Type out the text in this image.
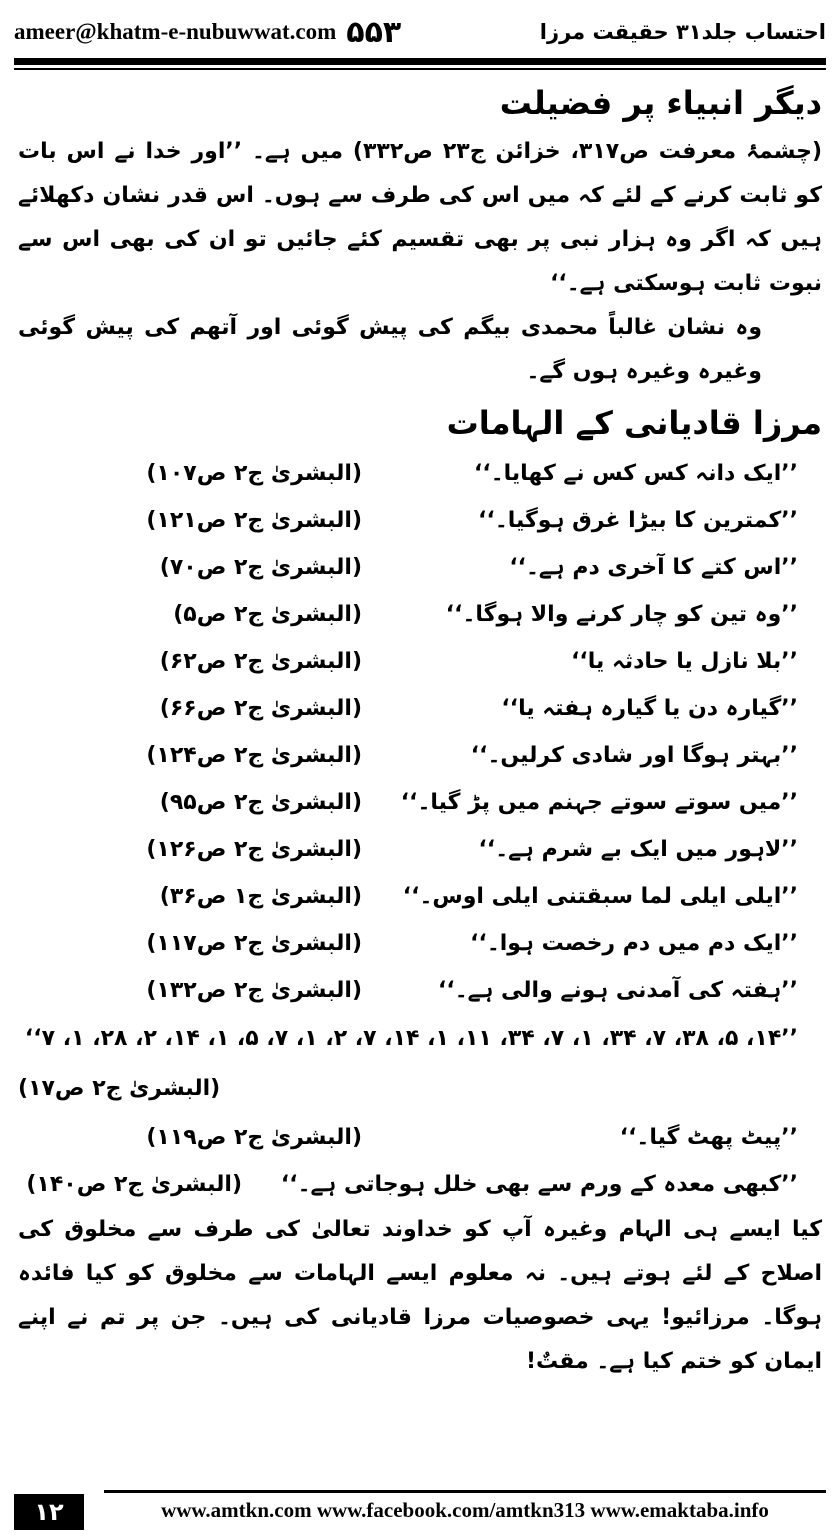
ameer@khatm-e-nubuwwat.com ۵۵۳	احتساب جلد۳۱ حقیقت مرزا
دیگر انبیاء پر فضیلت

(چشمۂ معرفت ص۳۱۷، خزائن ج۲۳ ص۳۳۲) میں ہے۔ ’’اور خدا نے اس بات کو ثابت کرنے کے لئے کہ میں اس کی طرف سے ہوں۔ اس قدر نشان دکھلائے ہیں کہ اگر وہ ہزار نبی پر بھی تقسیم کئے جائیں تو ان کی بھی اس سے نبوت ثابت ہوسکتی ہے۔‘‘

وہ نشان غالباً محمدی بیگم کی پیش گوئی اور آتھم کی پیش گوئی وغیرہ وغیرہ ہوں گے۔

مرزا قادیانی کے الہامات
’’ایک دانہ کس کس نے کھایا۔‘‘
(البشریٰ ج۲ ص۱۰۷)
’’کمترین کا بیڑا غرق ہوگیا۔‘‘
(البشریٰ ج۲ ص۱۲۱)
’’اس کتے کا آخری دم ہے۔‘‘
(البشریٰ ج۲ ص۷۰)
’’وہ تین کو چار کرنے والا ہوگا۔‘‘
(البشریٰ ج۲ ص۵)
’’بلا نازل یا حادثہ یا‘‘
(البشریٰ ج۲ ص۶۲)
’’گیارہ دن یا گیارہ ہفتہ یا‘‘
(البشریٰ ج۲ ص۶۶)
’’بہتر ہوگا اور شادی کرلیں۔‘‘
(البشریٰ ج۲ ص۱۲۴)
’’میں سوتے سوتے جہنم میں پڑ گیا۔‘‘
(البشریٰ ج۲ ص۹۵)
’’لاہور میں ایک بے شرم ہے۔‘‘
(البشریٰ ج۲ ص۱۲۶)
’’ایلی ایلی لما سبقتنی ایلی اوس۔‘‘
(البشریٰ ج۱ ص۳۶)
’’ایک دم میں دم رخصت ہوا۔‘‘
(البشریٰ ج۲ ص۱۱۷)
’’ہفتہ کی آمدنی ہونے والی ہے۔‘‘
(البشریٰ ج۲ ص۱۳۲)
’’۱۴، ۵، ۳۸، ۷، ۳۴، ۱، ۷، ۳۴، ۱۱، ۱، ۱۴، ۷، ۲، ۱، ۷، ۵، ۱، ۱۴، ۲، ۲۸، ۱، ۷‘‘
(البشریٰ ج۲ ص۱۷)
’’پیٹ پھٹ گیا۔‘‘
(البشریٰ ج۲ ص۱۱۹)
’’کبھی معدہ کے ورم سے بھی خلل ہوجاتی ہے۔‘‘
(البشریٰ ج۲ ص۱۴۰)

کیا ایسے ہی الہام وغیرہ آپ کو خداوند تعالیٰ کی طرف سے مخلوق کی اصلاح کے لئے ہوتے ہیں۔ نہ معلوم ایسے الہامات سے مخلوق کو کیا فائدہ ہوگا۔ مرزائیو! یہی خصوصیات مرزا قادیانی کی ہیں۔ جن پر تم نے اپنے ایمان کو ختم کیا ہے۔ مقتٌ!

۱۲	www.amtkn.com www.facebook.com/amtkn313 www.emaktaba.info
